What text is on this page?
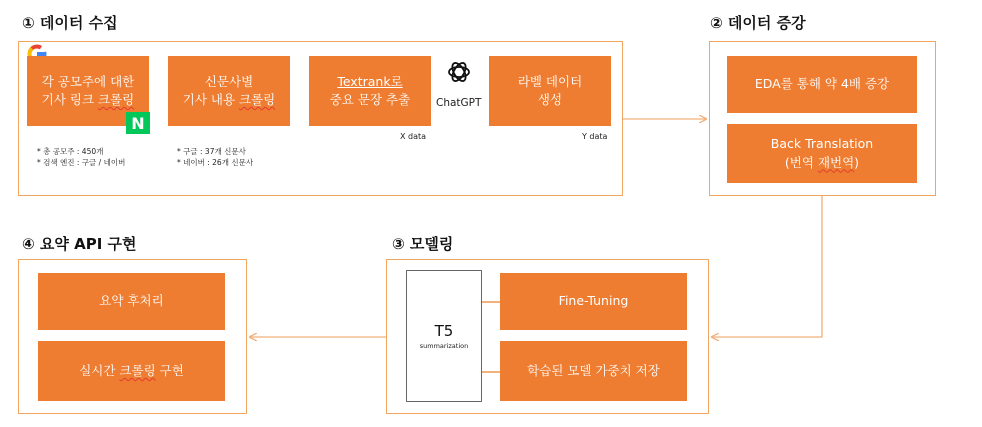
① 데이터 수집	② 데이터 증강
③ 모델링
④ 요약 API 구현
각 공모주에 대한
기사 링크 크롤링
N
신문사별
기사 내용 크롤링
Textrank로
중요 문장 추출 ChatGPT
라벨 데이터
생성
X data	Y data
* 총 공모주 : 450개
* 검색 엔진 : 구글 / 네이버
* 구글 : 37개 신문사
* 네이버 : 26개 신문사
EDA를 통해 약 4배 증강
Back Translation
(번역 재번역)
T5
summarization
Fine-Tuning
학습된 모델 가중치 저장
요약 후처리
실시간 크롤링 구현
